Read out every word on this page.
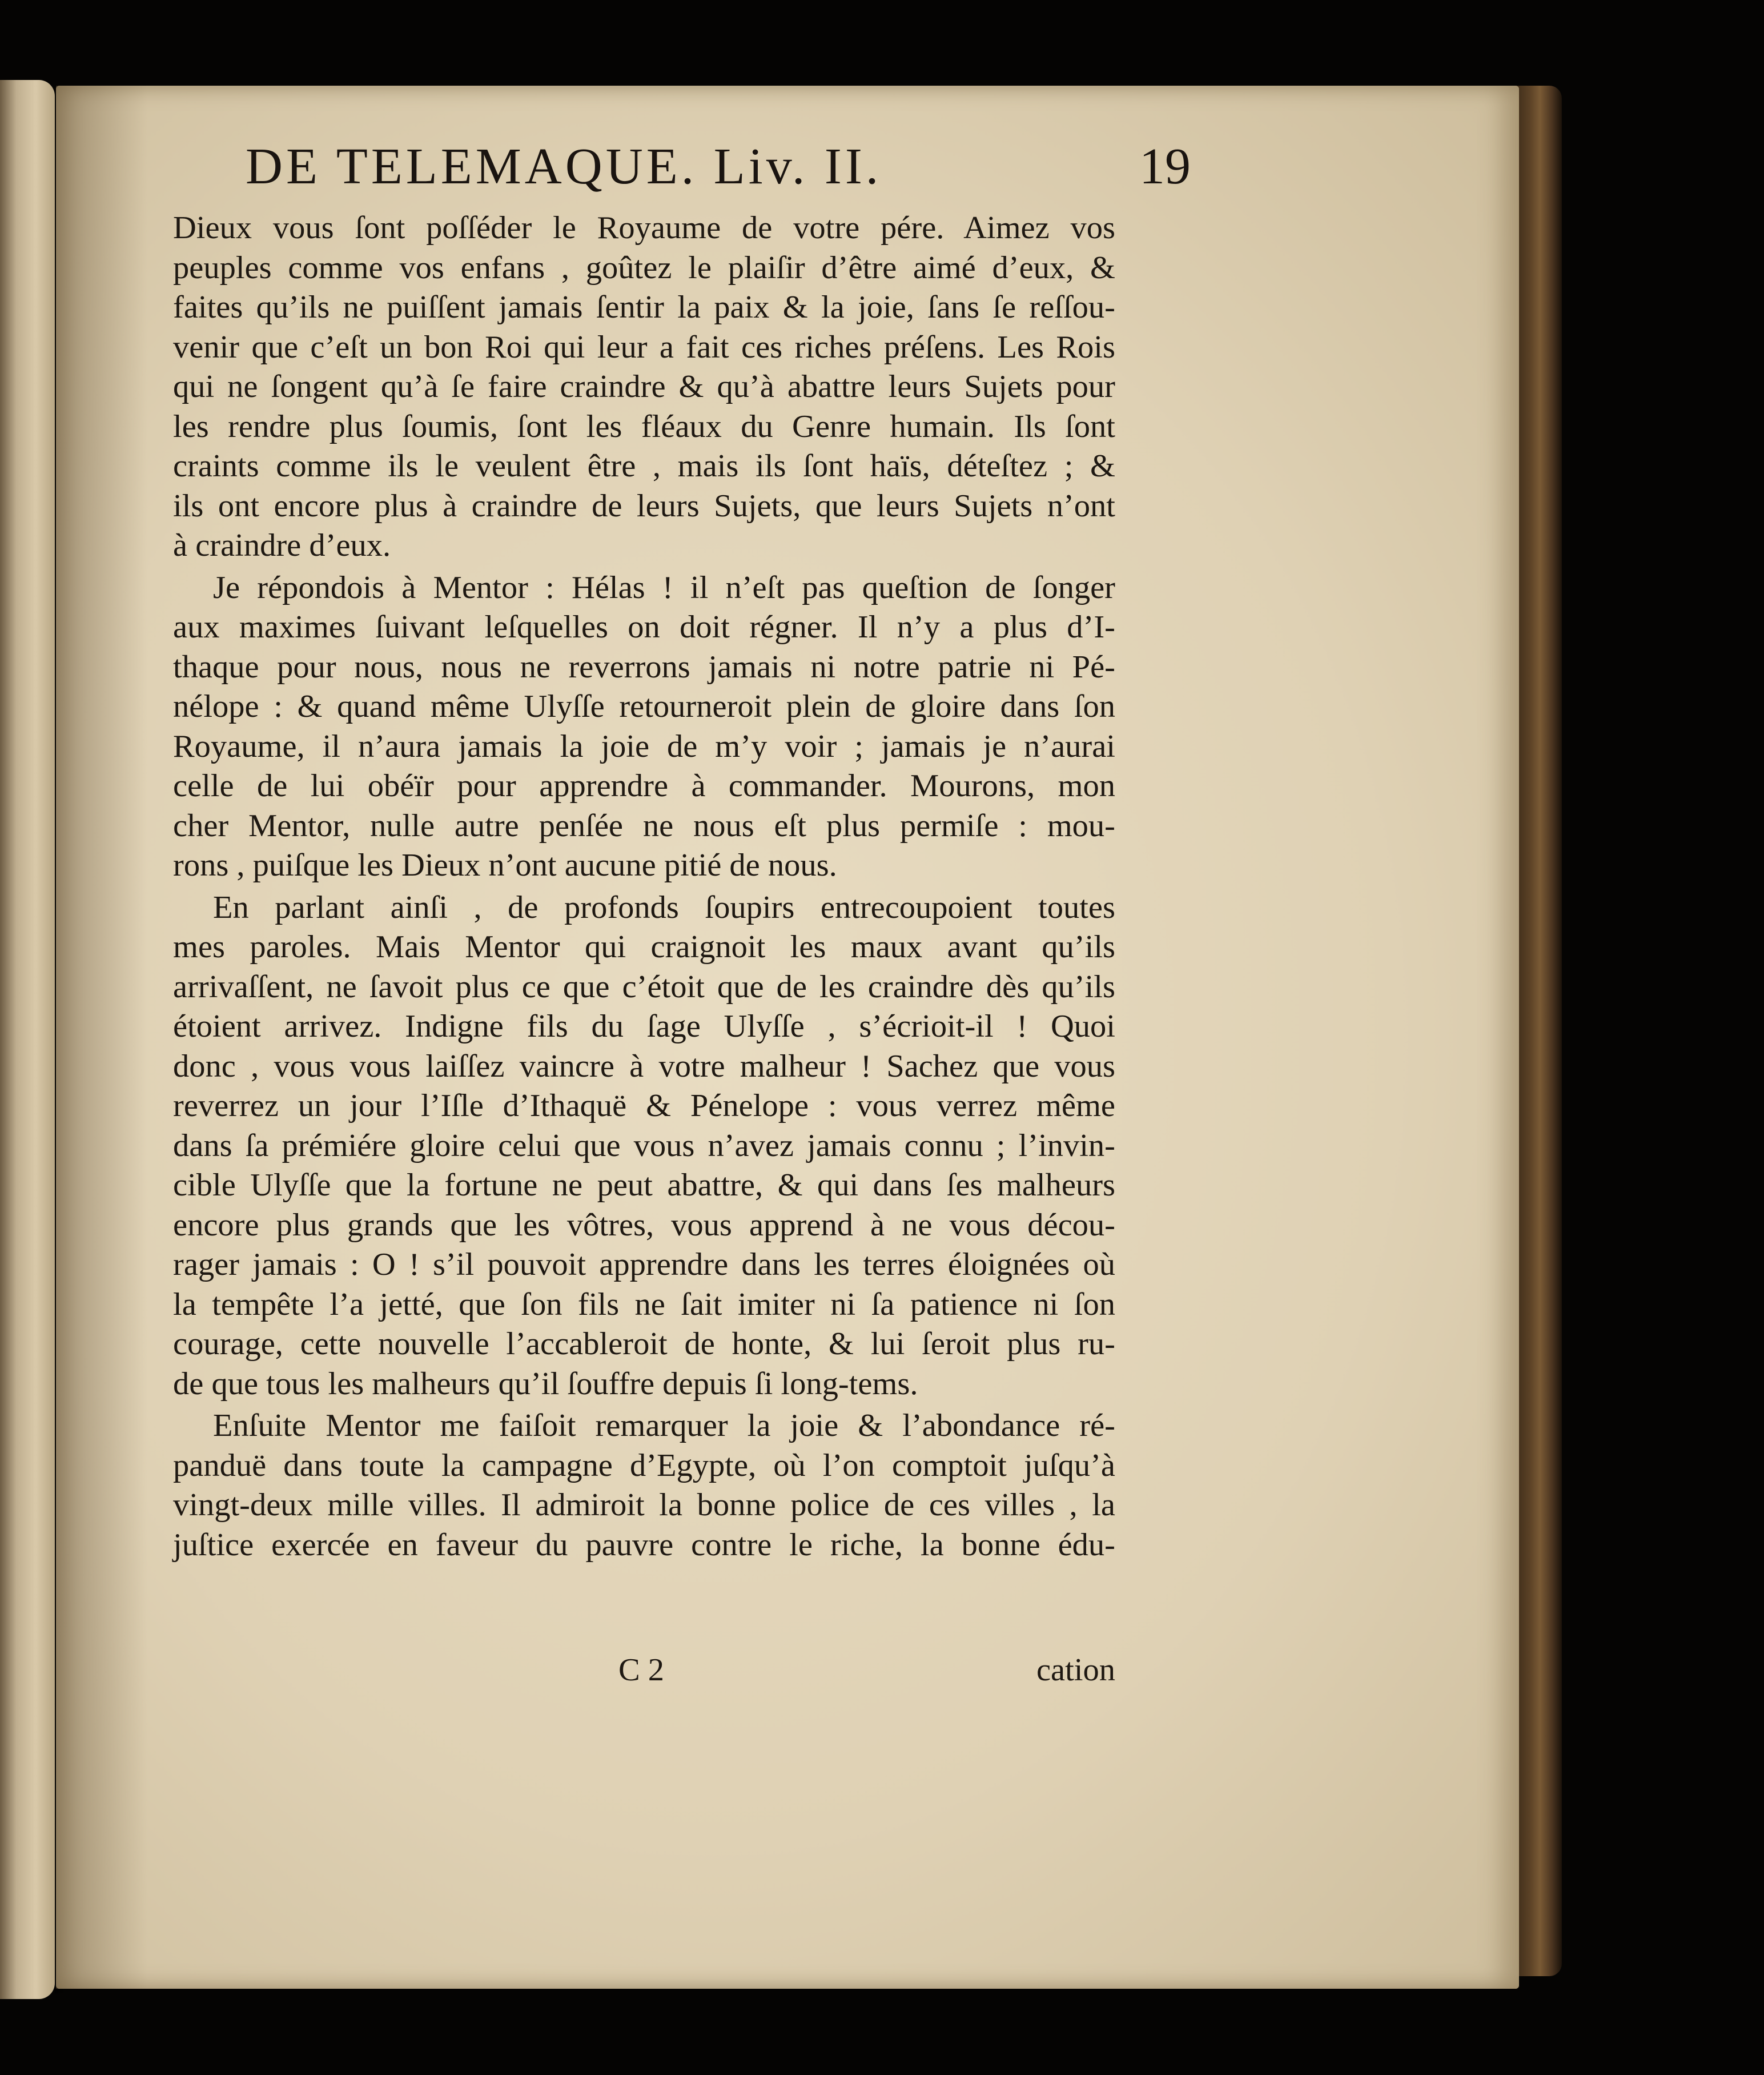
DE TELEMAQUE. Liv. II.	19
Dieux vous ſont poſſéder le Royaume de votre pére. Aimez vos
peuples comme vos enfans , goûtez le plaiſir d’être aimé d’eux, &
faites qu’ils ne puiſſent jamais ſentir la paix & la joie, ſans ſe reſſou-
venir que c’eſt un bon Roi qui leur a fait ces riches préſens. Les Rois
qui ne ſongent qu’à ſe faire craindre & qu’à abattre leurs Sujets pour
les rendre plus ſoumis, ſont les fléaux du Genre humain. Ils ſont
craints comme ils le veulent être , mais ils ſont haïs, déteſtez ; &
ils ont encore plus à craindre de leurs Sujets, que leurs Sujets n’ont
à craindre d’eux.
Je répondois à Mentor : Hélas ! il n’eſt pas queſtion de ſonger
aux maximes ſuivant leſquelles on doit régner. Il n’y a plus d’I-
thaque pour nous, nous ne reverrons jamais ni notre patrie ni Pé-
nélope : & quand même Ulyſſe retourneroit plein de gloire dans ſon
Royaume, il n’aura jamais la joie de m’y voir ; jamais je n’aurai
celle de lui obéïr pour apprendre à commander. Mourons, mon
cher Mentor, nulle autre penſée ne nous eſt plus permiſe : mou-
rons , puiſque les Dieux n’ont aucune pitié de nous.
En parlant ainſi , de profonds ſoupirs entrecoupoient toutes
mes paroles. Mais Mentor qui craignoit les maux avant qu’ils
arrivaſſent, ne ſavoit plus ce que c’étoit que de les craindre dès qu’ils
étoient arrivez. Indigne fils du ſage Ulyſſe , s’écrioit-il ! Quoi
donc , vous vous laiſſez vaincre à votre malheur ! Sachez que vous
reverrez un jour l’Iſle d’Ithaquë & Pénelope : vous verrez même
dans ſa prémiére gloire celui que vous n’avez jamais connu ; l’invin-
cible Ulyſſe que la fortune ne peut abattre, & qui dans ſes malheurs
encore plus grands que les vôtres, vous apprend à ne vous décou-
rager jamais : O ! s’il pouvoit apprendre dans les terres éloignées où
la tempête l’a jetté, que ſon fils ne ſait imiter ni ſa patience ni ſon
courage, cette nouvelle l’accableroit de honte, & lui ſeroit plus ru-
de que tous les malheurs qu’il ſouffre depuis ſi long-tems.
Enſuite Mentor me faiſoit remarquer la joie & l’abondance ré-
panduë dans toute la campagne d’Egypte, où l’on comptoit juſqu’à
vingt-deux mille villes. Il admiroit la bonne police de ces villes , la
juſtice exercée en faveur du pauvre contre le riche, la bonne édu-
C 2	cation
